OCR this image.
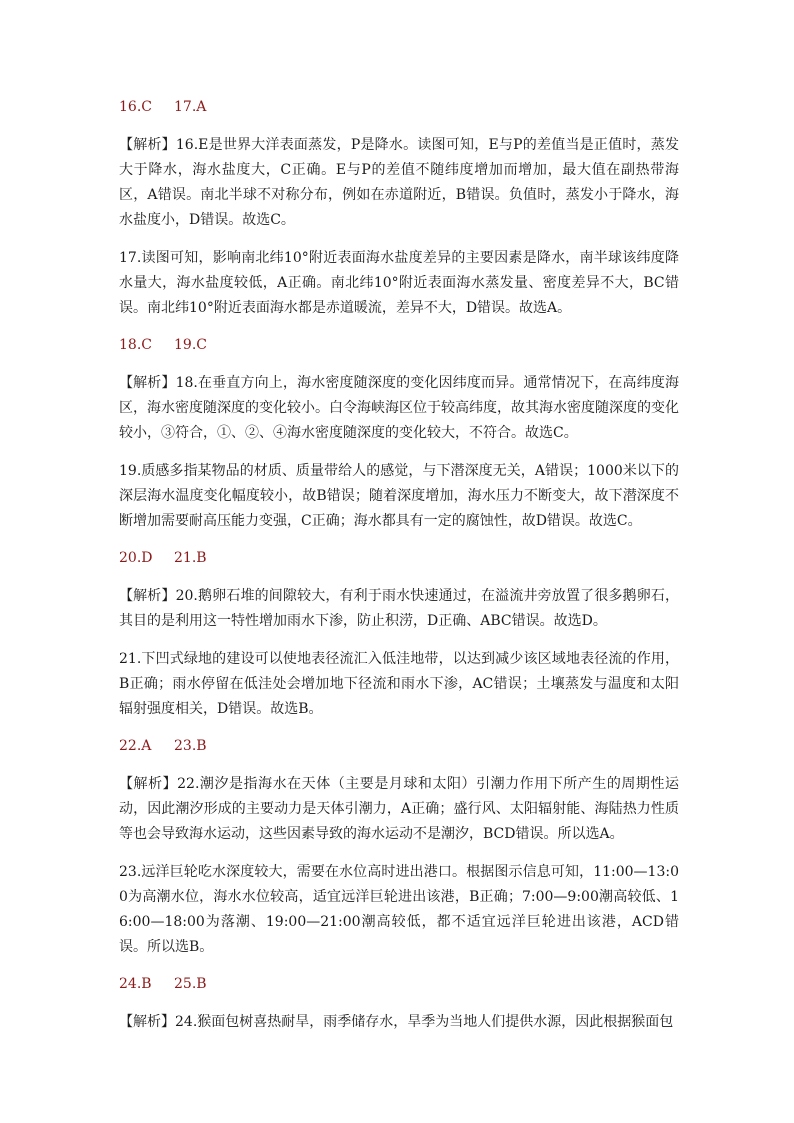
16.C 17.A

【解析】16.E是世界大洋表面蒸发，P是降水。读图可知，E与P的差值当是正值时，蒸发大于降水，海水盐度大，C正确。E与P的差值不随纬度增加而增加，最大值在副热带海区，A错误。南北半球不对称分布，例如在赤道附近，B错误。负值时，蒸发小于降水，海水盐度小，D错误。故选C。

17.读图可知，影响南北纬10°附近表面海水盐度差异的主要因素是降水，南半球该纬度降水量大，海水盐度较低，A正确。南北纬10°附近表面海水蒸发量、密度差异不大，BC错误。南北纬10°附近表面海水都是赤道暖流，差异不大，D错误。故选A。

18.C 19.C

【解析】18.在垂直方向上，海水密度随深度的变化因纬度而异。通常情况下，在高纬度海区，海水密度随深度的变化较小。白令海峡海区位于较高纬度，故其海水密度随深度的变化较小，③符合，①、②、④海水密度随深度的变化较大，不符合。故选C。

19.质感多指某物品的材质、质量带给人的感觉，与下潜深度无关，A错误；1000米以下的深层海水温度变化幅度较小，故B错误；随着深度增加，海水压力不断变大，故下潜深度不断增加需要耐高压能力变强，C正确；海水都具有一定的腐蚀性，故D错误。故选C。

20.D 21.B

【解析】20.鹅卵石堆的间隙较大，有利于雨水快速通过，在溢流井旁放置了很多鹅卵石，其目的是利用这一特性增加雨水下渗，防止积涝，D正确、ABC错误。故选D。

21.下凹式绿地的建设可以使地表径流汇入低洼地带，以达到减少该区域地表径流的作用，B正确；雨水停留在低洼处会增加地下径流和雨水下渗，AC错误；土壤蒸发与温度和太阳辐射强度相关，D错误。故选B。

22.A 23.B

【解析】22.潮汐是指海水在天体（主要是月球和太阳）引潮力作用下所产生的周期性运动，因此潮汐形成的主要动力是天体引潮力，A正确；盛行风、太阳辐射能、海陆热力性质等也会导致海水运动，这些因素导致的海水运动不是潮汐，BCD错误。所以选A。

23.远洋巨轮吃水深度较大，需要在水位高时进出港口。根据图示信息可知，11:00—13:00为高潮水位，海水水位较高，适宜远洋巨轮进出该港，B正确；7:00—9:00潮高较低、16:00—18:00为落潮、19:00—21:00潮高较低，都不适宜远洋巨轮进出该港，ACD错误。所以选B。

24.B 25.B

【解析】24.猴面包树喜热耐旱，雨季储存水，旱季为当地人们提供水源，因此根据猴面包
